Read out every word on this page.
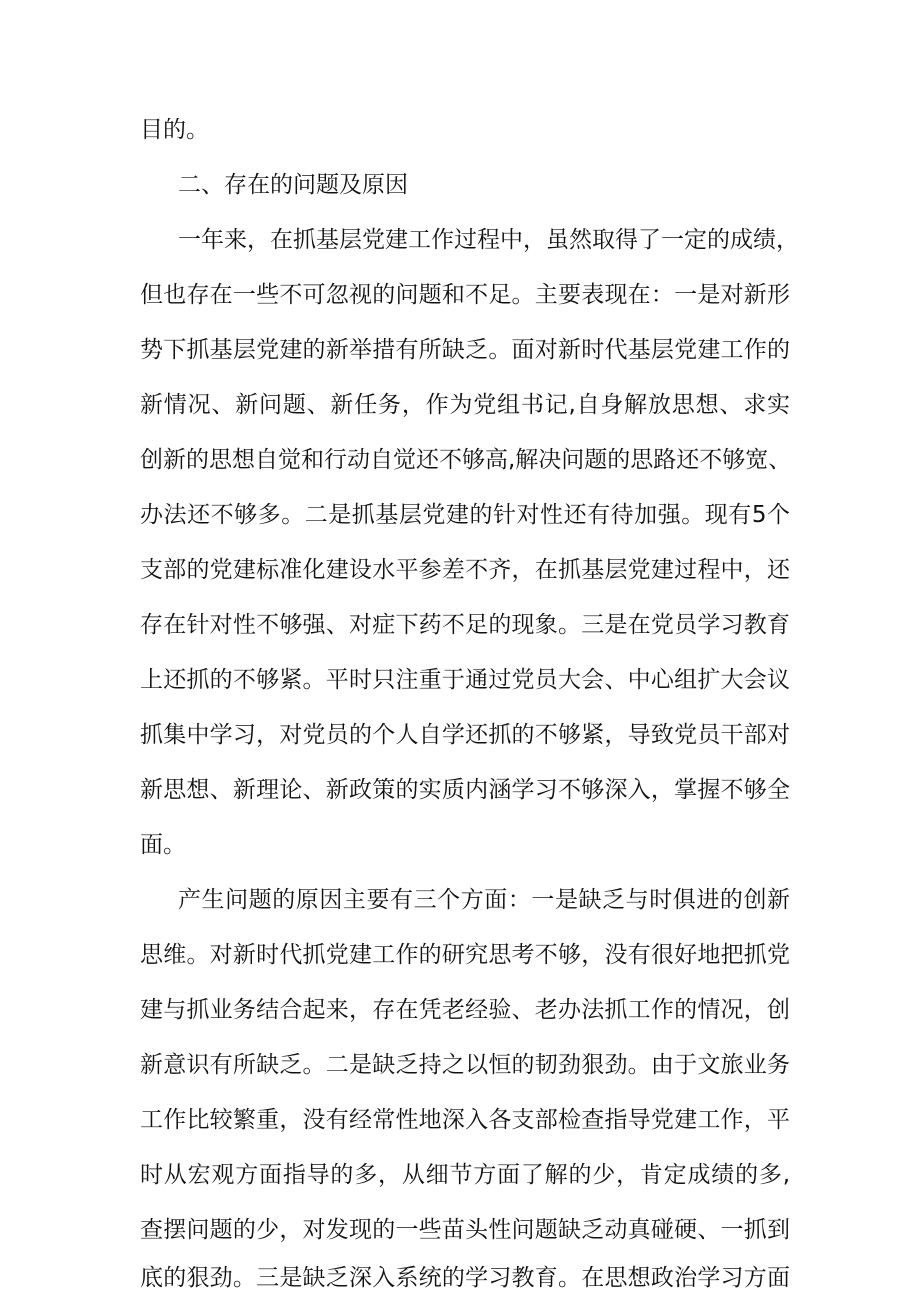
目的。
二、存在的问题及原因
一年来，在抓基层党建工作过程中，虽然取得了一定的成绩，
但也存在一些不可忽视的问题和不足。主要表现在：一是对新形
势下抓基层党建的新举措有所缺乏。面对新时代基层党建工作的
新情况、新问题、新任务，作为党组书记,自身解放思想、求实
创新的思想自觉和行动自觉还不够高,解决问题的思路还不够宽、
办法还不够多。二是抓基层党建的针对性还有待加强。现有5个
支部的党建标准化建设水平参差不齐，在抓基层党建过程中，还
存在针对性不够强、对症下药不足的现象。三是在党员学习教育
上还抓的不够紧。平时只注重于通过党员大会、中心组扩大会议
抓集中学习，对党员的个人自学还抓的不够紧，导致党员干部对
新思想、新理论、新政策的实质内涵学习不够深入，掌握不够全
面。
产生问题的原因主要有三个方面：一是缺乏与时俱进的创新
思维。对新时代抓党建工作的研究思考不够，没有很好地把抓党
建与抓业务结合起来，存在凭老经验、老办法抓工作的情况，创
新意识有所缺乏。二是缺乏持之以恒的韧劲狠劲。由于文旅业务
工作比较繁重，没有经常性地深入各支部检查指导党建工作，平
时从宏观方面指导的多，从细节方面了解的少，肯定成绩的多,
查摆问题的少，对发现的一些苗头性问题缺乏动真碰硬、一抓到
底的狠劲。三是缺乏深入系统的学习教育。在思想政治学习方面
